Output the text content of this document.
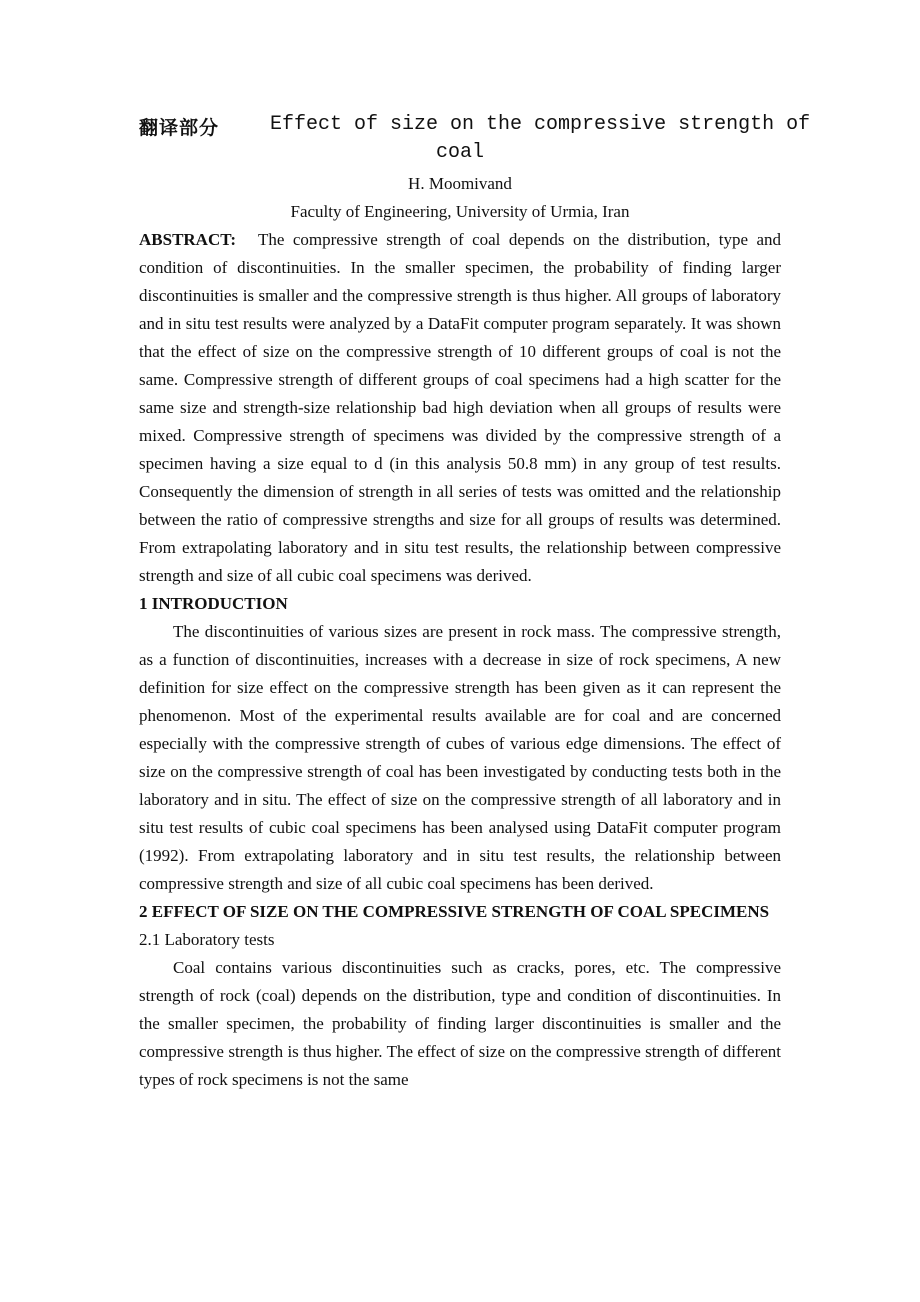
翻译部分	Effect of size on the compressive strength of
coal
H. Moomivand
Faculty of Engineering, University of Urmia, Iran

ABSTRACT: The compressive strength of coal depends on the distribution, type and condition of discontinuities. In the smaller specimen, the probability of finding larger discontinuities is smaller and the compressive strength is thus higher. All groups of laboratory and in situ test results were analyzed by a DataFit computer program separately. It was shown that the effect of size on the compressive strength of 10 different groups of coal is not the same. Compressive strength of different groups of coal specimens had a high scatter for the same size and strength-size relationship bad high deviation when all groups of results were mixed. Compressive strength of specimens was divided by the compressive strength of a specimen having a size equal to d (in this analysis 50.8 mm) in any group of test results. Consequently the dimension of strength in all series of tests was omitted and the relationship between the ratio of compressive strengths and size for all groups of results was determined. From extrapolating laboratory and in situ test results, the relationship between compressive strength and size of all cubic coal specimens was derived.

1 INTRODUCTION

The discontinuities of various sizes are present in rock mass. The compressive strength, as a function of discontinuities, increases with a decrease in size of rock specimens, A new definition for size effect on the compressive strength has been given as it can represent the phenomenon. Most of the experimental results available are for coal and are concerned especially with the compressive strength of cubes of various edge dimensions. The effect of size on the compressive strength of coal has been investigated by conducting tests both in the laboratory and in situ. The effect of size on the compressive strength of all laboratory and in situ test results of cubic coal specimens has been analysed using DataFit computer program (1992). From extrapolating laboratory and in situ test results, the relationship between compressive strength and size of all cubic coal specimens has been derived.

2 EFFECT OF SIZE ON THE COMPRESSIVE STRENGTH OF COAL SPECIMENS
2.1 Laboratory tests

Coal contains various discontinuities such as cracks, pores, etc. The compressive strength of rock (coal) depends on the distribution, type and condition of discontinuities. In the smaller specimen, the probability of finding larger discontinuities is smaller and the compressive strength is thus higher. The effect of size on the compressive strength of different types of rock specimens is not the same
